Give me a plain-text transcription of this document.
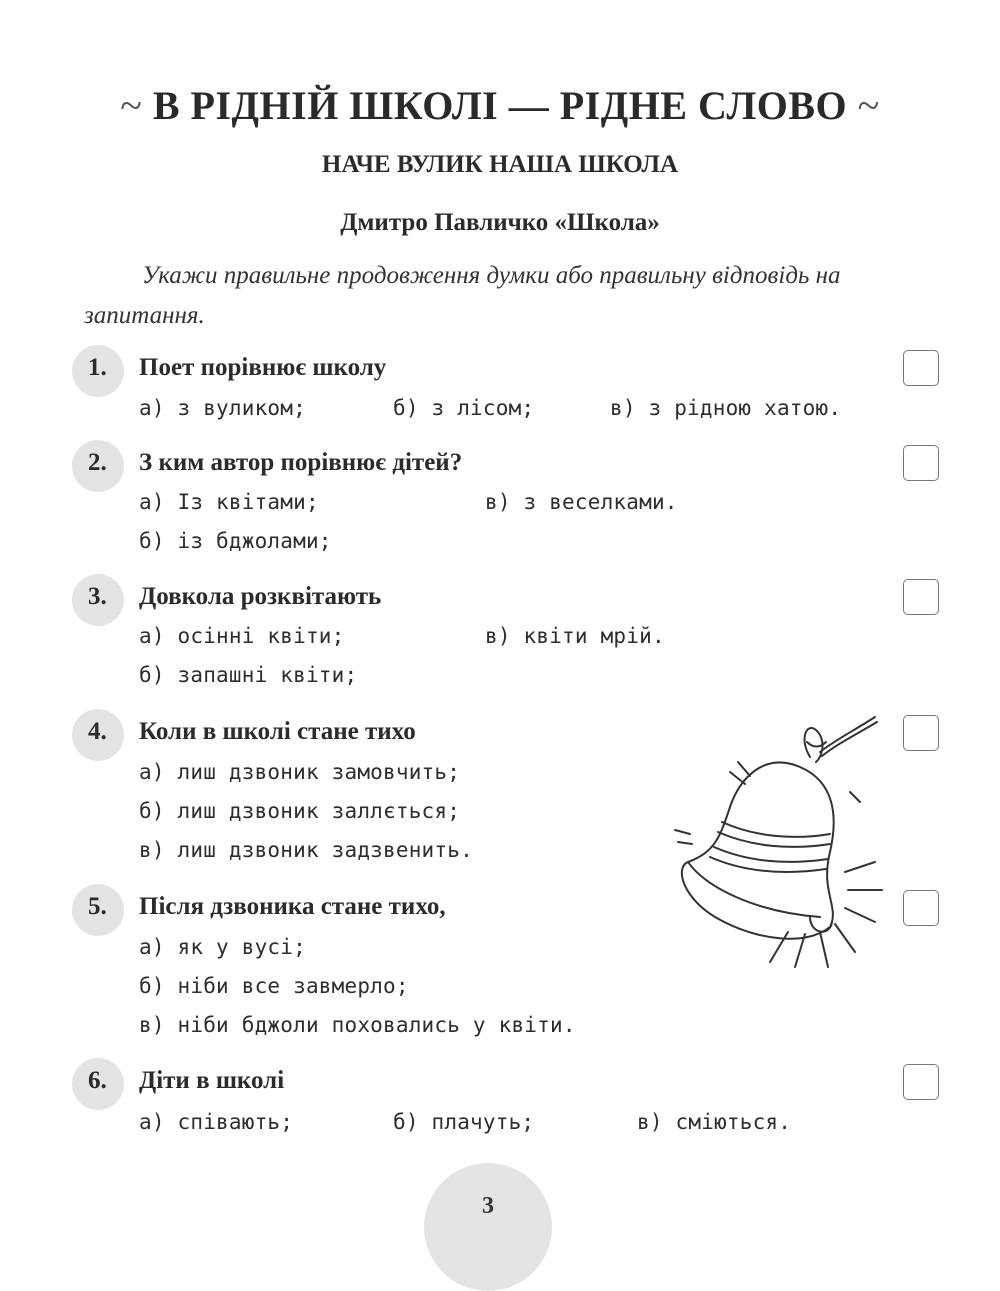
~ В РІДНІЙ ШКОЛІ — РІДНЕ СЛОВО ~
НАЧЕ ВУЛИК НАША ШКОЛА
Дмитро Павличко «Школа»
Укажи правильне продовження думки або правильну відповідь на запитання.
1.	Поет порівнює школу
а) з вуликом;	б) з лісом;	в) з рідною хатою.
2.	З ким автор порівнює дітей?
а) Із квітами;	в) з веселками.
б) із бджолами;
3.	Довкола розквітають
а) осінні квіти;	в) квіти мрій.
б) запашні квіти;
4.	Коли в школі стане тихо
а) лиш дзвоник замовчить;
б) лиш дзвоник заллється;
в) лиш дзвоник задзвенить.
5.	Після дзвоника стане тихо,
а) як у вусі;
б) ніби все завмерло;
в) ніби бджоли поховались у квіти.
6.	Діти в школі
а) співають;	б) плачуть;	в) сміються.
3
